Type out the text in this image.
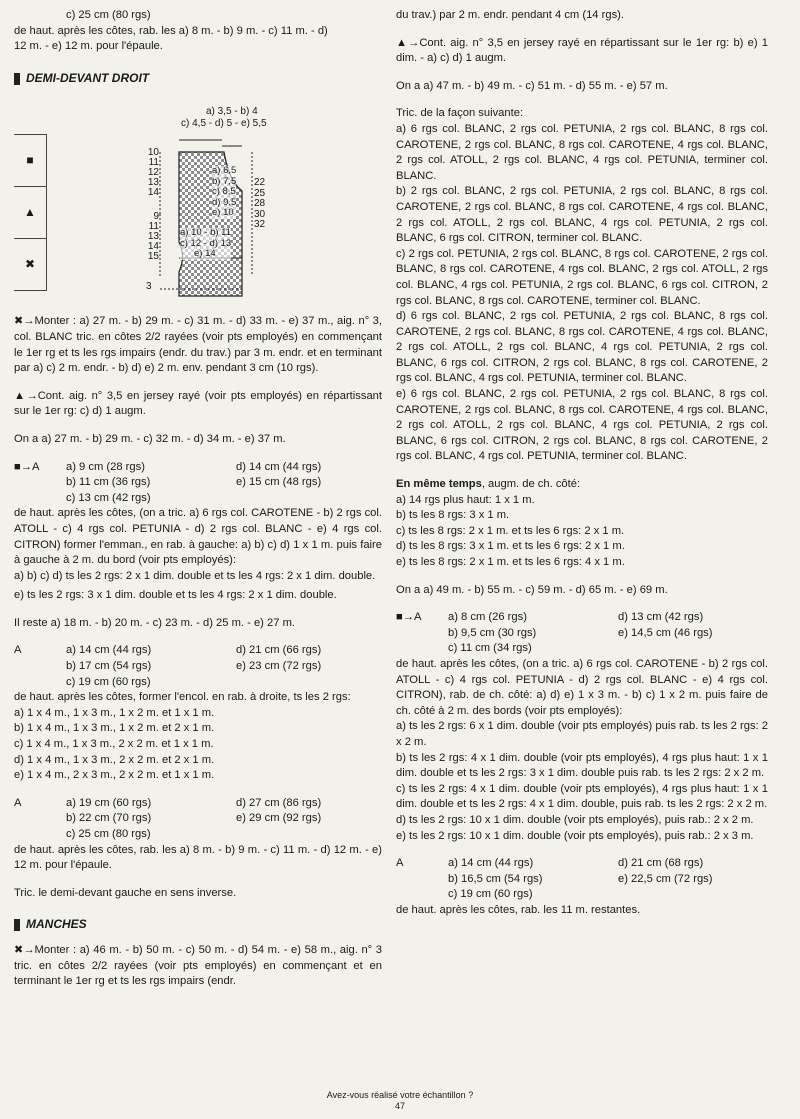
c) 25 cm (80 rgs)

de haut. après les côtes, rab. les a) 8 m. - b) 9 m. - c) 11 m. - d)

12 m. - e) 12 m. pour l'épaule.

DEMI-DEVANT DROIT
■
▲
✖
a) 3,5 - b) 4
c) 4,5 - d) 5 - e) 5,5
10
11
12
13
14
9
11
13
14
15
3
22
25
28
30
32
a) 6,5
b) 7,5
c) 8,5
d) 9,5
e) 10
a) 10 - b) 11
c) 12 - d) 13
e) 14

✖→Monter : a) 27 m. - b) 29 m. - c) 31 m. - d) 33 m. - e) 37 m., aig. n° 3, col. BLANC tric. en côtes 2/2 rayées (voir pts employés) en commençant le 1er rg et ts les rgs impairs (endr. du trav.) par 3 m. endr. et en terminant par a) c) 2 m. endr. - b) d) e) 2 m. env. pendant 3 cm (10 rgs).

▲→Cont. aig. n° 3,5 en jersey rayé (voir pts employés) en répartissant sur le 1er rg: c) d) 1 augm.

On a a) 27 m. - b) 29 m. - c) 32 m. - d) 34 m. - e) 37 m.

■→A	a) 9 cm (28 rgs)	d) 14 cm (44 rgs)
b) 11 cm (36 rgs)	e) 15 cm (48 rgs)
c) 13 cm (42 rgs)

de haut. après les côtes, (on a tric. a) 6 rgs col. CAROTENE - b) 2 rgs col. ATOLL - c) 4 rgs col. PETUNIA - d) 2 rgs col. BLANC - e) 4 rgs col. CITRON) former l'emman., en rab. à gauche: a) b) c) d) 1 x 1 m. puis faire à gauche à 2 m. du bord (voir pts employés):

a) b) c) d) ts les 2 rgs: 2 x 1 dim. double et ts les 4 rgs: 2 x 1 dim. double.

e) ts les 2 rgs: 3 x 1 dim. double et ts les 4 rgs: 2 x 1 dim. double.

Il reste a) 18 m. - b) 20 m. - c) 23 m. - d) 25 m. - e) 27 m.

A	a) 14 cm (44 rgs)	d) 21 cm (66 rgs)
b) 17 cm (54 rgs)	e) 23 cm (72 rgs)
c) 19 cm (60 rgs)

de haut. après les côtes, former l'encol. en rab. à droite, ts les 2 rgs:

a) 1 x 4 m., 1 x 3 m., 1 x 2 m. et 1 x 1 m.

b) 1 x 4 m., 1 x 3 m., 1 x 2 m. et 2 x 1 m.

c) 1 x 4 m., 1 x 3 m., 2 x 2 m. et 1 x 1 m.

d) 1 x 4 m., 1 x 3 m., 2 x 2 m. et 2 x 1 m.

e) 1 x 4 m., 2 x 3 m., 2 x 2 m. et 1 x 1 m.

A	a) 19 cm (60 rgs)	d) 27 cm (86 rgs)
b) 22 cm (70 rgs)	e) 29 cm (92 rgs)
c) 25 cm (80 rgs)

de haut. après les côtes, rab. les a) 8 m. - b) 9 m. - c) 11 m. - d) 12 m. - e) 12 m. pour l'épaule.

Tric. le demi-devant gauche en sens inverse.

MANCHES

✖→Monter : a) 46 m. - b) 50 m. - c) 50 m. - d) 54 m. - e) 58 m., aig. n° 3 tric. en côtes 2/2 rayées (voir pts employés) en commençant et en terminant le 1er rg et ts les rgs impairs (endr.

du trav.) par 2 m. endr. pendant 4 cm (14 rgs).

▲→Cont. aig. n° 3,5 en jersey rayé en répartissant sur le 1er rg: b) e) 1 dim. - a) c) d) 1 augm.

On a a) 47 m. - b) 49 m. - c) 51 m. - d) 55 m. - e) 57 m.

Tric. de la façon suivante:

a) 6 rgs col. BLANC, 2 rgs col. PETUNIA, 2 rgs col. BLANC, 8 rgs col. CAROTENE, 2 rgs col. BLANC, 8 rgs col. CAROTENE, 4 rgs col. BLANC, 2 rgs col. ATOLL, 2 rgs col. BLANC, 4 rgs col. PETUNIA, terminer col. BLANC.

b) 2 rgs col. BLANC, 2 rgs col. PETUNIA, 2 rgs col. BLANC, 8 rgs col. CAROTENE, 2 rgs col. BLANC, 8 rgs col. CAROTENE, 4 rgs col. BLANC, 2 rgs col. ATOLL, 2 rgs col. BLANC, 4 rgs col. PETUNIA, 2 rgs col. BLANC, 6 rgs col. CITRON, terminer col. BLANC.

c) 2 rgs col. PETUNIA, 2 rgs col. BLANC, 8 rgs col. CAROTENE, 2 rgs col. BLANC, 8 rgs col. CAROTENE, 4 rgs col. BLANC, 2 rgs col. ATOLL, 2 rgs col. BLANC, 4 rgs col. PETUNIA, 2 rgs col. BLANC, 6 rgs col. CITRON, 2 rgs col. BLANC, 8 rgs col. CAROTENE, terminer col. BLANC.

d) 6 rgs col. BLANC, 2 rgs col. PETUNIA, 2 rgs col. BLANC, 8 rgs col. CAROTENE, 2 rgs col. BLANC, 8 rgs col. CAROTENE, 4 rgs col. BLANC, 2 rgs col. ATOLL, 2 rgs col. BLANC, 4 rgs col. PETUNIA, 2 rgs col. BLANC, 6 rgs col. CITRON, 2 rgs col. BLANC, 8 rgs col. CAROTENE, 2 rgs col. BLANC, 4 rgs col. PETUNIA, terminer col. BLANC.

e) 6 rgs col. BLANC, 2 rgs col. PETUNIA, 2 rgs col. BLANC, 8 rgs col. CAROTENE, 2 rgs col. BLANC, 8 rgs col. CAROTENE, 4 rgs col. BLANC, 2 rgs col. ATOLL, 2 rgs col. BLANC, 4 rgs col. PETUNIA, 2 rgs col. BLANC, 6 rgs col. CITRON, 2 rgs col. BLANC, 8 rgs col. CAROTENE, 2 rgs col. BLANC, 4 rgs col. PETUNIA, terminer col. BLANC.

En même temps, augm. de ch. côté:

a) 14 rgs plus haut: 1 x 1 m.

b) ts les 8 rgs: 3 x 1 m.

c) ts les 8 rgs: 2 x 1 m. et ts les 6 rgs: 2 x 1 m.

d) ts les 8 rgs: 3 x 1 m. et ts les 6 rgs: 2 x 1 m.

e) ts les 8 rgs: 2 x 1 m. et ts les 6 rgs: 4 x 1 m.

On a a) 49 m. - b) 55 m. - c) 59 m. - d) 65 m. - e) 69 m.

■→A	a) 8 cm (26 rgs)	d) 13 cm (42 rgs)
b) 9,5 cm (30 rgs)	e) 14,5 cm (46 rgs)
c) 11 cm (34 rgs)

de haut. après les côtes, (on a tric. a) 6 rgs col. CAROTENE - b) 2 rgs col. ATOLL - c) 4 rgs col. PETUNIA - d) 2 rgs col. BLANC - e) 4 rgs col. CITRON), rab. de ch. côté: a) d) e) 1 x 3 m. - b) c) 1 x 2 m. puis faire de ch. côté à 2 m. des bords (voir pts employés):

a) ts les 2 rgs: 6 x 1 dim. double (voir pts employés) puis rab. ts les 2 rgs: 2 x 2 m.

b) ts les 2 rgs: 4 x 1 dim. double (voir pts employés), 4 rgs plus haut: 1 x 1 dim. double et ts les 2 rgs: 3 x 1 dim. double puis rab. ts les 2 rgs: 2 x 2 m.

c) ts les 2 rgs: 4 x 1 dim. double (voir pts employés), 4 rgs plus haut: 1 x 1 dim. double et ts les 2 rgs: 4 x 1 dim. double, puis rab. ts les 2 rgs: 2 x 2 m.

d) ts les 2 rgs: 10 x 1 dim. double (voir pts employés), puis rab.: 2 x 2 m.

e) ts les 2 rgs: 10 x 1 dim. double (voir pts employés), puis rab.: 2 x 3 m.

A	a) 14 cm (44 rgs)	d) 21 cm (68 rgs)
b) 16,5 cm (54 rgs)	e) 22,5 cm (72 rgs)
c) 19 cm (60 rgs)

de haut. après les côtes, rab. les 11 m. restantes.

Avez-vous réalisé votre échantillon ?
47
